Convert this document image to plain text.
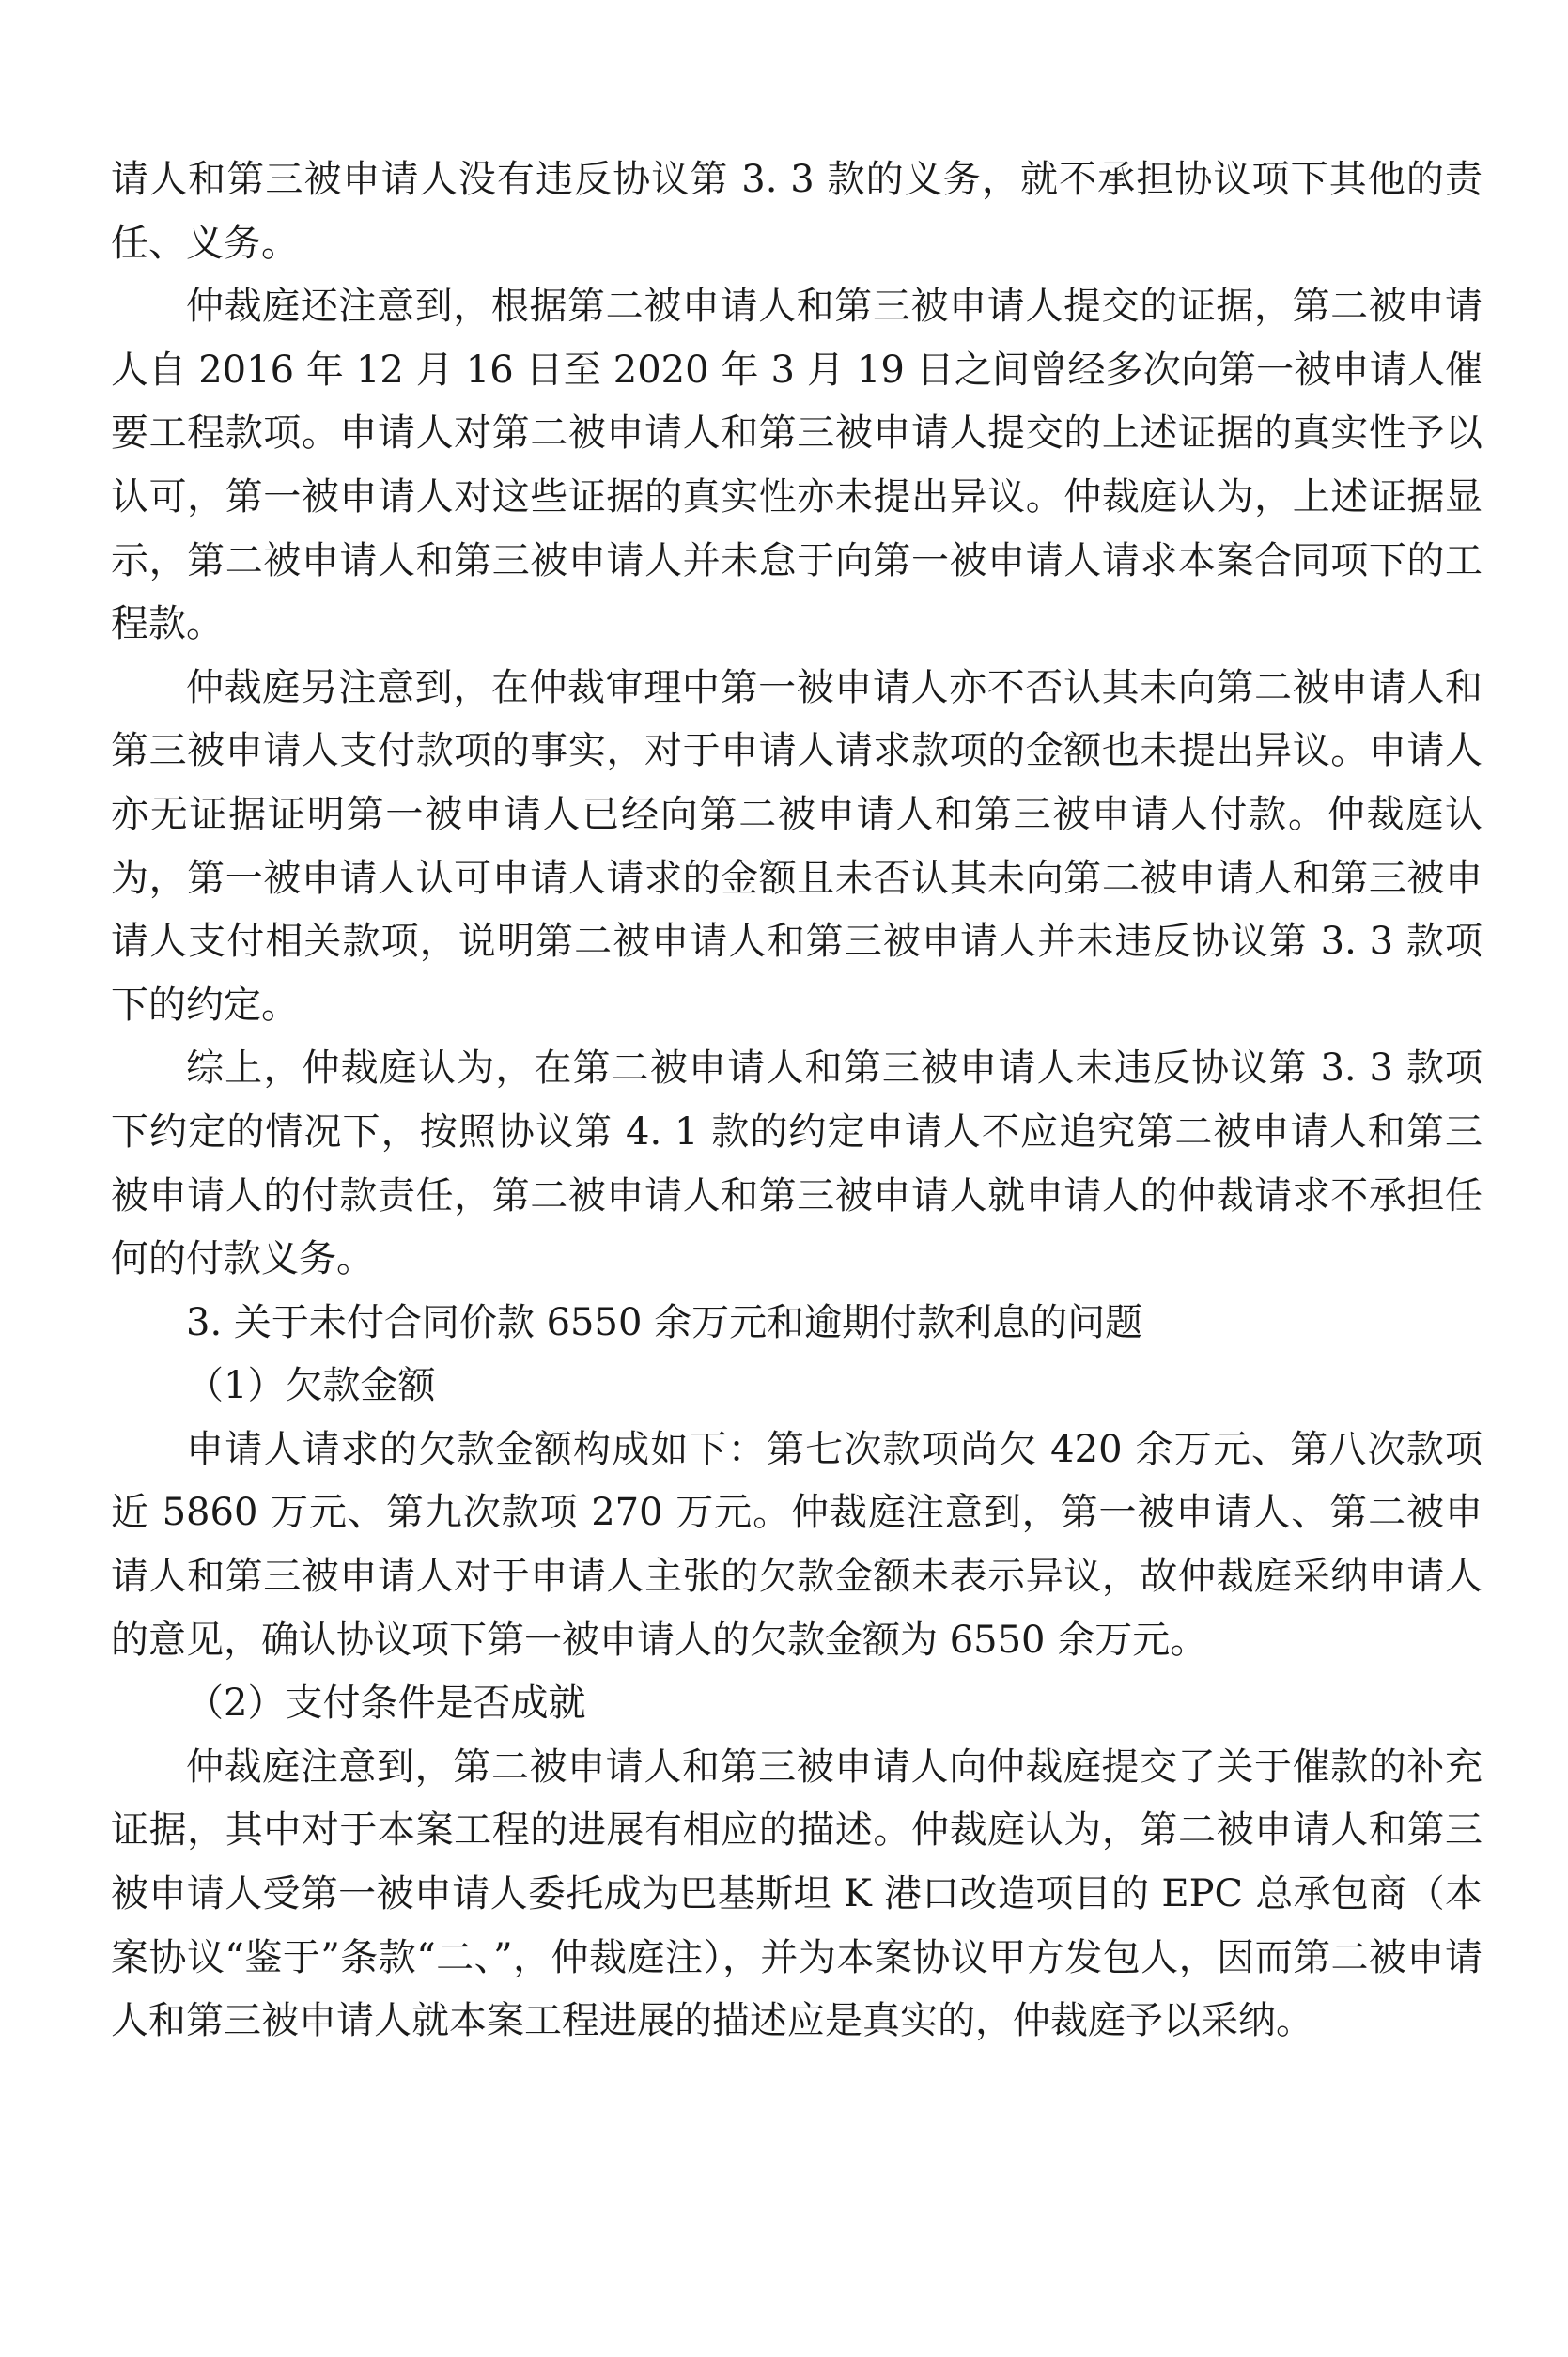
请人和第三被申请人没有违反协议第 3. 3 款的义务，就不承担协议项下其他的责任、义务。

仲裁庭还注意到，根据第二被申请人和第三被申请人提交的证据，第二被申请人自 2016 年 12 月 16 日至 2020 年 3 月 19 日之间曾经多次向第一被申请人催要工程款项。申请人对第二被申请人和第三被申请人提交的上述证据的真实性予以认可，第一被申请人对这些证据的真实性亦未提出异议。仲裁庭认为，上述证据显示，第二被申请人和第三被申请人并未怠于向第一被申请人请求本案合同项下的工程款。

仲裁庭另注意到，在仲裁审理中第一被申请人亦不否认其未向第二被申请人和第三被申请人支付款项的事实，对于申请人请求款项的金额也未提出异议。申请人亦无证据证明第一被申请人已经向第二被申请人和第三被申请人付款。仲裁庭认为，第一被申请人认可申请人请求的金额且未否认其未向第二被申请人和第三被申请人支付相关款项，说明第二被申请人和第三被申请人并未违反协议第 3. 3 款项下的约定。

综上，仲裁庭认为，在第二被申请人和第三被申请人未违反协议第 3. 3 款项下约定的情况下，按照协议第 4. 1 款的约定申请人不应追究第二被申请人和第三被申请人的付款责任，第二被申请人和第三被申请人就申请人的仲裁请求不承担任何的付款义务。

3. 关于未付合同价款 6550 余万元和逾期付款利息的问题

（1）欠款金额

申请人请求的欠款金额构成如下：第七次款项尚欠 420 余万元、第八次款项近 5860 万元、第九次款项 270 万元。仲裁庭注意到，第一被申请人、第二被申请人和第三被申请人对于申请人主张的欠款金额未表示异议，故仲裁庭采纳申请人的意见，确认协议项下第一被申请人的欠款金额为 6550 余万元。

（2）支付条件是否成就

仲裁庭注意到，第二被申请人和第三被申请人向仲裁庭提交了关于催款的补充证据，其中对于本案工程的进展有相应的描述。仲裁庭认为，第二被申请人和第三被申请人受第一被申请人委托成为巴基斯坦 K 港口改造项目的 EPC 总承包商（本案协议“鉴于”条款“二、”，仲裁庭注），并为本案协议甲方发包人，因而第二被申请人和第三被申请人就本案工程进展的描述应是真实的，仲裁庭予以采纳。
